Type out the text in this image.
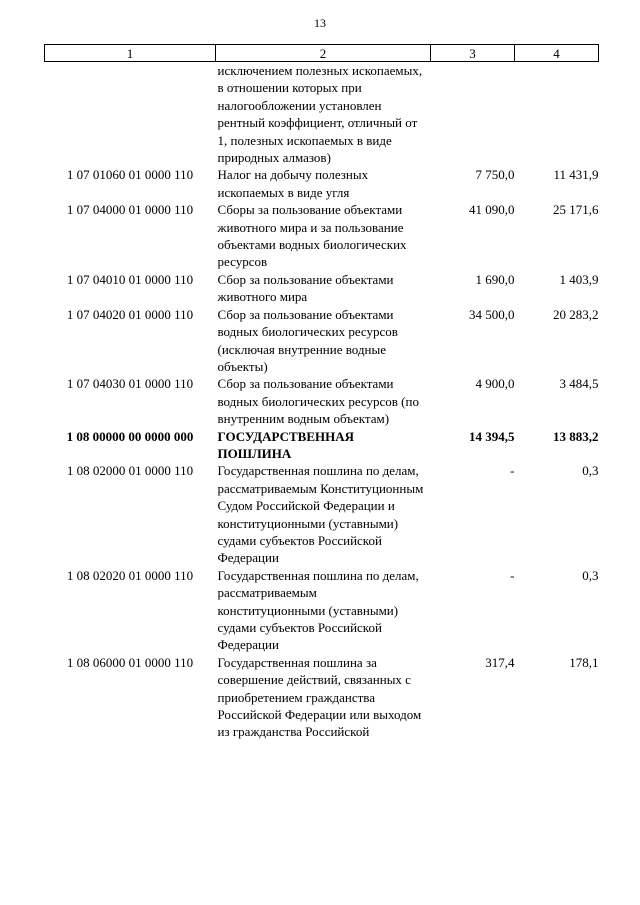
13
1	2	3	4
	исключением полезных ископаемых, в отношении которых при налогообложении установлен рентный коэффициент, отличный от 1, полезных ископаемых в виде природных алмазов)		
1 07 01060 01 0000 110	Налог на добычу полезных ископаемых в виде угля	7 750,0	11 431,9
1 07 04000 01 0000 110	Сборы за пользование объектами животного мира и за пользование объектами водных биологических ресурсов	41 090,0	25 171,6
1 07 04010 01 0000 110	Сбор за пользование объектами животного мира	1 690,0	1 403,9
1 07 04020 01 0000 110	Сбор за пользование объектами водных биологических ресурсов (исключая внутренние водные объекты)	34 500,0	20 283,2
1 07 04030 01 0000 110	Сбор за пользование объектами водных биологических ресурсов (по внутренним водным объектам)	4 900,0	3 484,5
1 08 00000 00 0000 000	ГОСУДАРСТВЕННАЯ ПОШЛИНА	14 394,5	13 883,2
1 08 02000 01 0000 110	Государственная пошлина по делам, рассматриваемым Конституционным Судом Российской Федерации и конституционными (уставными) судами субъектов Российской Федерации	-	0,3
1 08 02020 01 0000 110	Государственная пошлина по делам, рассматриваемым конституционными (уставными) судами субъектов Российской Федерации	-	0,3
1 08 06000 01 0000 110	Государственная пошлина за совершение действий, связанных с приобретением гражданства Российской Федерации или выходом из гражданства Российской	317,4	178,1
